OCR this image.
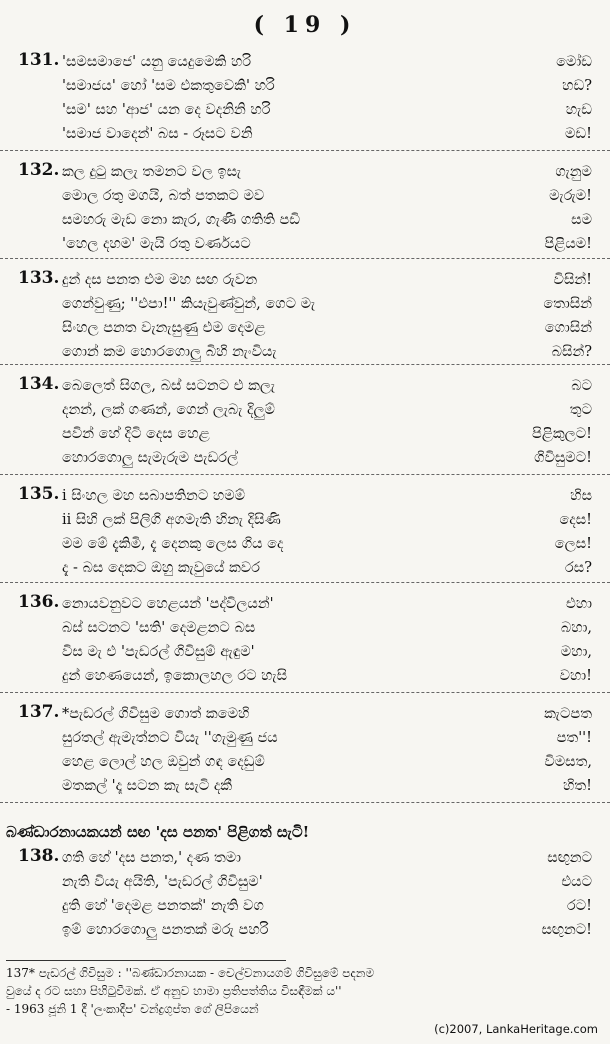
( 19 )
131. 'සමසමාජෙ' යනු යෙදුමෙකි හරි	මෝඩ
'සමාජය' හෝ 'සම එකතුවෙකි' හරි	හඩ?
'සම' සහ 'ආජ' යන දෙ වදනිනි හරි	හැඩ
'සමාජ වාදෙන්' බස - රූසට වනි	මඩ!
132. කල දුටු කලැ තමනට වල ඉසැ	ගැනුම
මොල රතු මගයි, බත් පතකට මව	මැරුම!
සමහරු මැඩ නො කැර, ගැණී ගතිති පඩි	සම
'හෙල දහම' මැයි රතු වර්ණයට	පිළියම!
133. දුන් දස පනත එම මහ සඟ රුවන	විසින්!
ගෙන්වුණු; ''එපා!'' කියැවුණ්වුන්, ගෙට මැ	තොසින්
සිංහල පනත වැනැසුණු එම දෙමළ	ගොසින්
ගොන් කම හොරගොලු බිහි නැංවියැ	බසින්?
134. බෙලෙත් සිගල, බස් සටනට එ කලැ	බට
දනන්, ලක් ගණන්, ගෙන් ලැබැ දිලුම්	තුට
පවින් හේ දිටි දෙස හෙළ	පිළිකුලට!
හොරගොලු සැමැරුම පැඩරල්	ගිවිසුමට!
135. i සිංහල මහ සබාපතිනට හමම්	හිස
ii සිහි ලක් පිලිගි අගමැති හිනැ දිසිණි	දෙස!
මම මේ දැකිමි, දැ දෙනකු ලෙස ගිය දෙ	ලෙස!
දැ - බස දෙකට ඔහු කැවුයේ කවර	රස?
136. නොයවනුවට හෙළයන් 'පද්විලයන්'	එහා
බස් සටනට 'සති' දෙමළනට බස	බහා,
විස මැ එ 'පැඩරල් ගිවිසුම් ඇඳුම'	මහා,
දුන් හෙණයෙන්, ඉකොලහල රට හැසි	වහා!
137. *පැඩරල් ගිවිසුම ගොත් කමෙහි	කැටපත
සුරතල් ඇමැත්නට වියැ ''ගැමුණු ජය	පත''!
හෙළ ලොල් හල ඔවුන් ගඳ දෙඩුම්	විමසත,
මතකල් 'දෑ සටන කැ සැටි දකී	හිත!
138. ගති හේ 'දස පනත,' දණ තමා	සඟුනට
නැති වියැ අයිති, 'පැඩරල් ගිවිසුම'	එයට
දුති හේ 'දෙමළ පනතක්' නැති වග	රට!
ඉම් හොරගොලු පනතක් මරු පහරි	සඟුනට!
බණ්ඩාරනායකයන් සඟ 'දස පනත' පිළිගත් සැටි!
137* පැඩරල් ගිවිසුම : ''බණ්ඩාරනායක - චෙල්වනායගම් ගිවිසුමේ පදනම
වුයේ ද රට සහා පිහිටුවීමක්. ඒ අනුව හාමා ප්‍රතිපත්තිය විසඳීමක් ය''
- 1963 ජූනි 1 දී 'ලංකාදීප' චන්ද්‍රගුප්ත ගේ ලිපියෙන්
(c)2007, LankaHeritage.com
